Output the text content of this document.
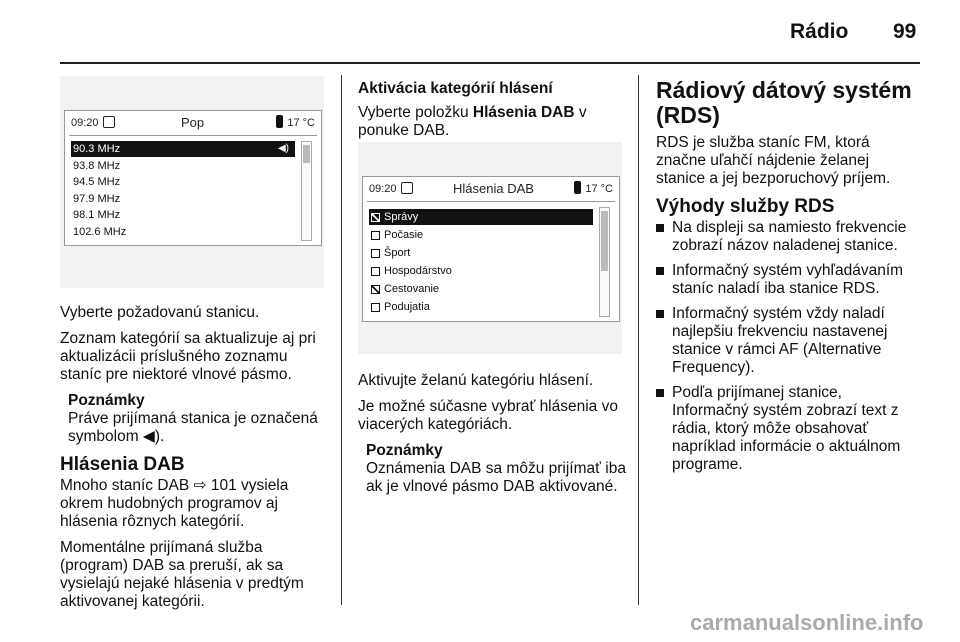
Rádio 99
09:20	Pop	17 °C
90.3 MHz	◀)
93.8 MHz
94.5 MHz
97.9 MHz
98.1 MHz
102.6 MHz

Vyberte požadovanú stanicu.

Zoznam kategórií sa aktualizuje aj pri aktualizácii príslušného zoznamu staníc pre niektoré vlnové pásmo.

Poznámky
Práve prijímaná stanica je označená symbolom ◀).
Hlásenia DAB

Mnoho staníc DAB ⇨ 101 vysiela okrem hudobných programov aj hlásenia rôznych kategórií.

Momentálne prijímaná služba (program) DAB sa preruší, ak sa vysielajú nejaké hlásenia v predtým aktivovanej kategórii.

Aktivácia kategórií hlásení

Vyberte položku Hlásenia DAB v ponuke DAB.

09:20	Hlásenia DAB	17 °C
Správy
Počasie
Šport
Hospodárstvo
Cestovanie
Podujatia

Aktivujte želanú kategóriu hlásení.

Je možné súčasne vybrať hlásenia vo viacerých kategóriách.

Poznámky
Oznámenia DAB sa môžu prijímať iba ak je vlnové pásmo DAB aktivované.
Rádiový dátový systém (RDS)

RDS je služba staníc FM, ktorá značne uľahčí nájdenie želanej stanice a jej bezporuchový príjem.

Výhody služby RDS
Na displeji sa namiesto frekvencie zobrazí názov naladenej stanice.
Informačný systém vyhľadávaním staníc naladí iba stanice RDS.
Informačný systém vždy naladí najlepšiu frekvenciu nastavenej stanice v rámci AF (Alternative Frequency).
Podľa prijímanej stanice, Informačný systém zobrazí text z rádia, ktorý môže obsahovať napríklad informácie o aktuálnom programe.
carmanualsonline.info
